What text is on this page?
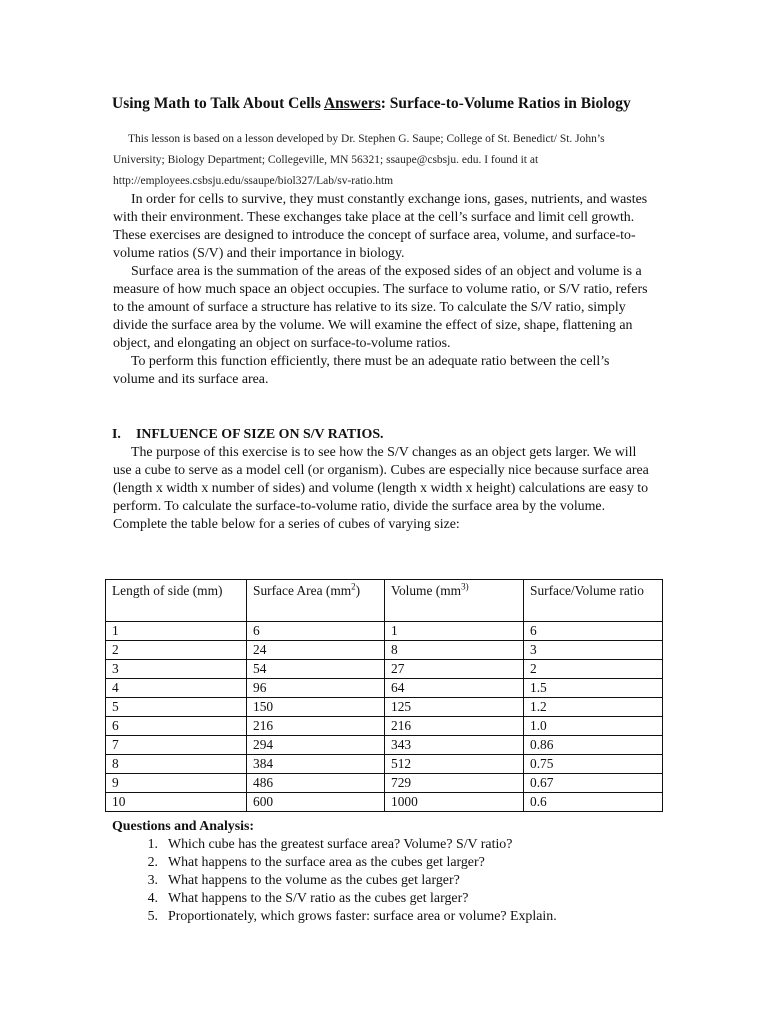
Using Math to Talk About Cells Answers: Surface-to-Volume Ratios in Biology
This lesson is based on a lesson developed by Dr. Stephen G. Saupe; College of St. Benedict/ St. John’s University; Biology Department; Collegeville, MN 56321; ssaupe@csbsju. edu. I found it at http://employees.csbsju.edu/ssaupe/biol327/Lab/sv-ratio.htm
In order for cells to survive, they must constantly exchange ions, gases, nutrients, and wastes with their environment. These exchanges take place at the cell’s surface and limit cell growth. These exercises are designed to introduce the concept of surface area, volume, and surface-to-volume ratios (S/V) and their importance in biology.
Surface area is the summation of the areas of the exposed sides of an object and volume is a measure of how much space an object occupies. The surface to volume ratio, or S/V ratio, refers to the amount of surface a structure has relative to its size. To calculate the S/V ratio, simply divide the surface area by the volume. We will examine the effect of size, shape, flattening an object, and elongating an object on surface-to-volume ratios.
To perform this function efficiently, there must be an adequate ratio between the cell’s volume and its surface area.
I. INFLUENCE OF SIZE ON S/V RATIOS.
The purpose of this exercise is to see how the S/V changes as an object gets larger. We will use a cube to serve as a model cell (or organism). Cubes are especially nice because surface area (length x width x number of sides) and volume (length x width x height) calculations are easy to perform. To calculate the surface-to-volume ratio, divide the surface area by the volume. Complete the table below for a series of cubes of varying size:
Length of side (mm)	Surface Area $(mm^2)$	Volume ($mm^{3)}$	Surface/Volume ratio
1	6	1	6
2	24	8	3
3	54	27	2
4	96	64	1.5
5	150	125	1.2
6	216	216	1.0
7	294	343	0.86
8	384	512	0.75
9	486	729	0.67
10	600	1000	0.6
Questions and Analysis:
1. Which cube has the greatest surface area? Volume? S/V ratio?
2. What happens to the surface area as the cubes get larger?
3. What happens to the volume as the cubes get larger?
4. What happens to the S/V ratio as the cubes get larger?
5. Proportionately, which grows faster: surface area or volume? Explain.
